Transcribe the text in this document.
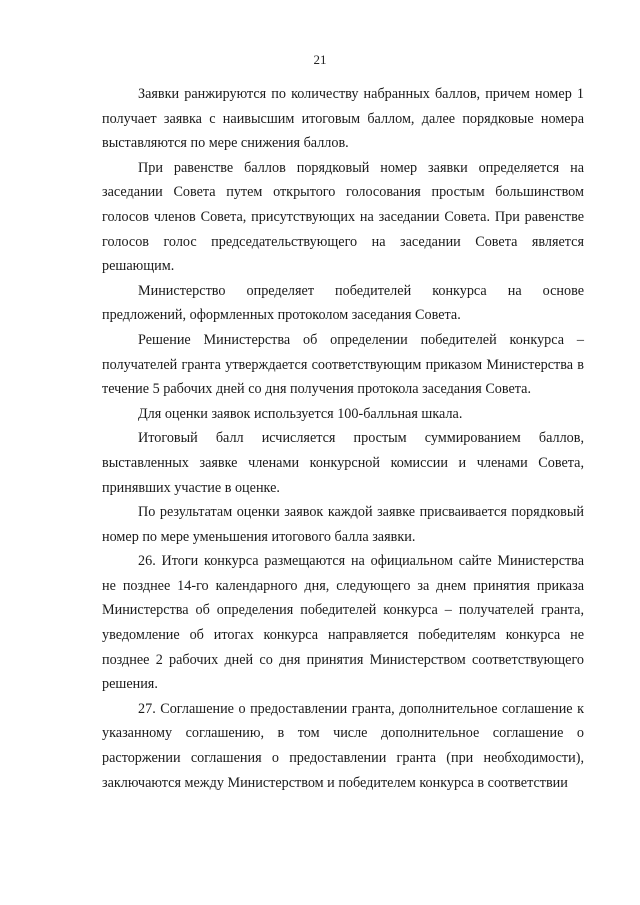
21

Заявки ранжируются по количеству набранных баллов, причем номер 1 получает заявка с наивысшим итоговым баллом, далее порядковые номера выставляются по мере снижения баллов.

При равенстве баллов порядковый номер заявки определяется на заседании Совета путем открытого голосования простым большинством голосов членов Совета, присутствующих на заседании Совета. При равенстве голосов голос председательствующего на заседании Совета является решающим.

Министерство определяет победителей конкурса на основе предложений, оформленных протоколом заседания Совета.

Решение Министерства об определении победителей конкурса – получателей гранта утверждается соответствующим приказом Министерства в течение 5 рабочих дней со дня получения протокола заседания Совета.

Для оценки заявок используется 100-балльная шкала.

Итоговый балл исчисляется простым суммированием баллов, выставленных заявке членами конкурсной комиссии и членами Совета, принявших участие в оценке.

По результатам оценки заявок каждой заявке присваивается порядковый номер по мере уменьшения итогового балла заявки.

26. Итоги конкурса размещаются на официальном сайте Министерства не позднее 14-го календарного дня, следующего за днем принятия приказа Министерства об определения победителей конкурса – получателей гранта, уведомление об итогах конкурса направляется победителям конкурса не позднее 2 рабочих дней со дня принятия Министерством соответствующего решения.

27. Соглашение о предоставлении гранта, дополнительное соглашение к указанному соглашению, в том числе дополнительное соглашение о расторжении соглашения о предоставлении гранта (при необходимости), заключаются между Министерством и победителем конкурса в соответствии
